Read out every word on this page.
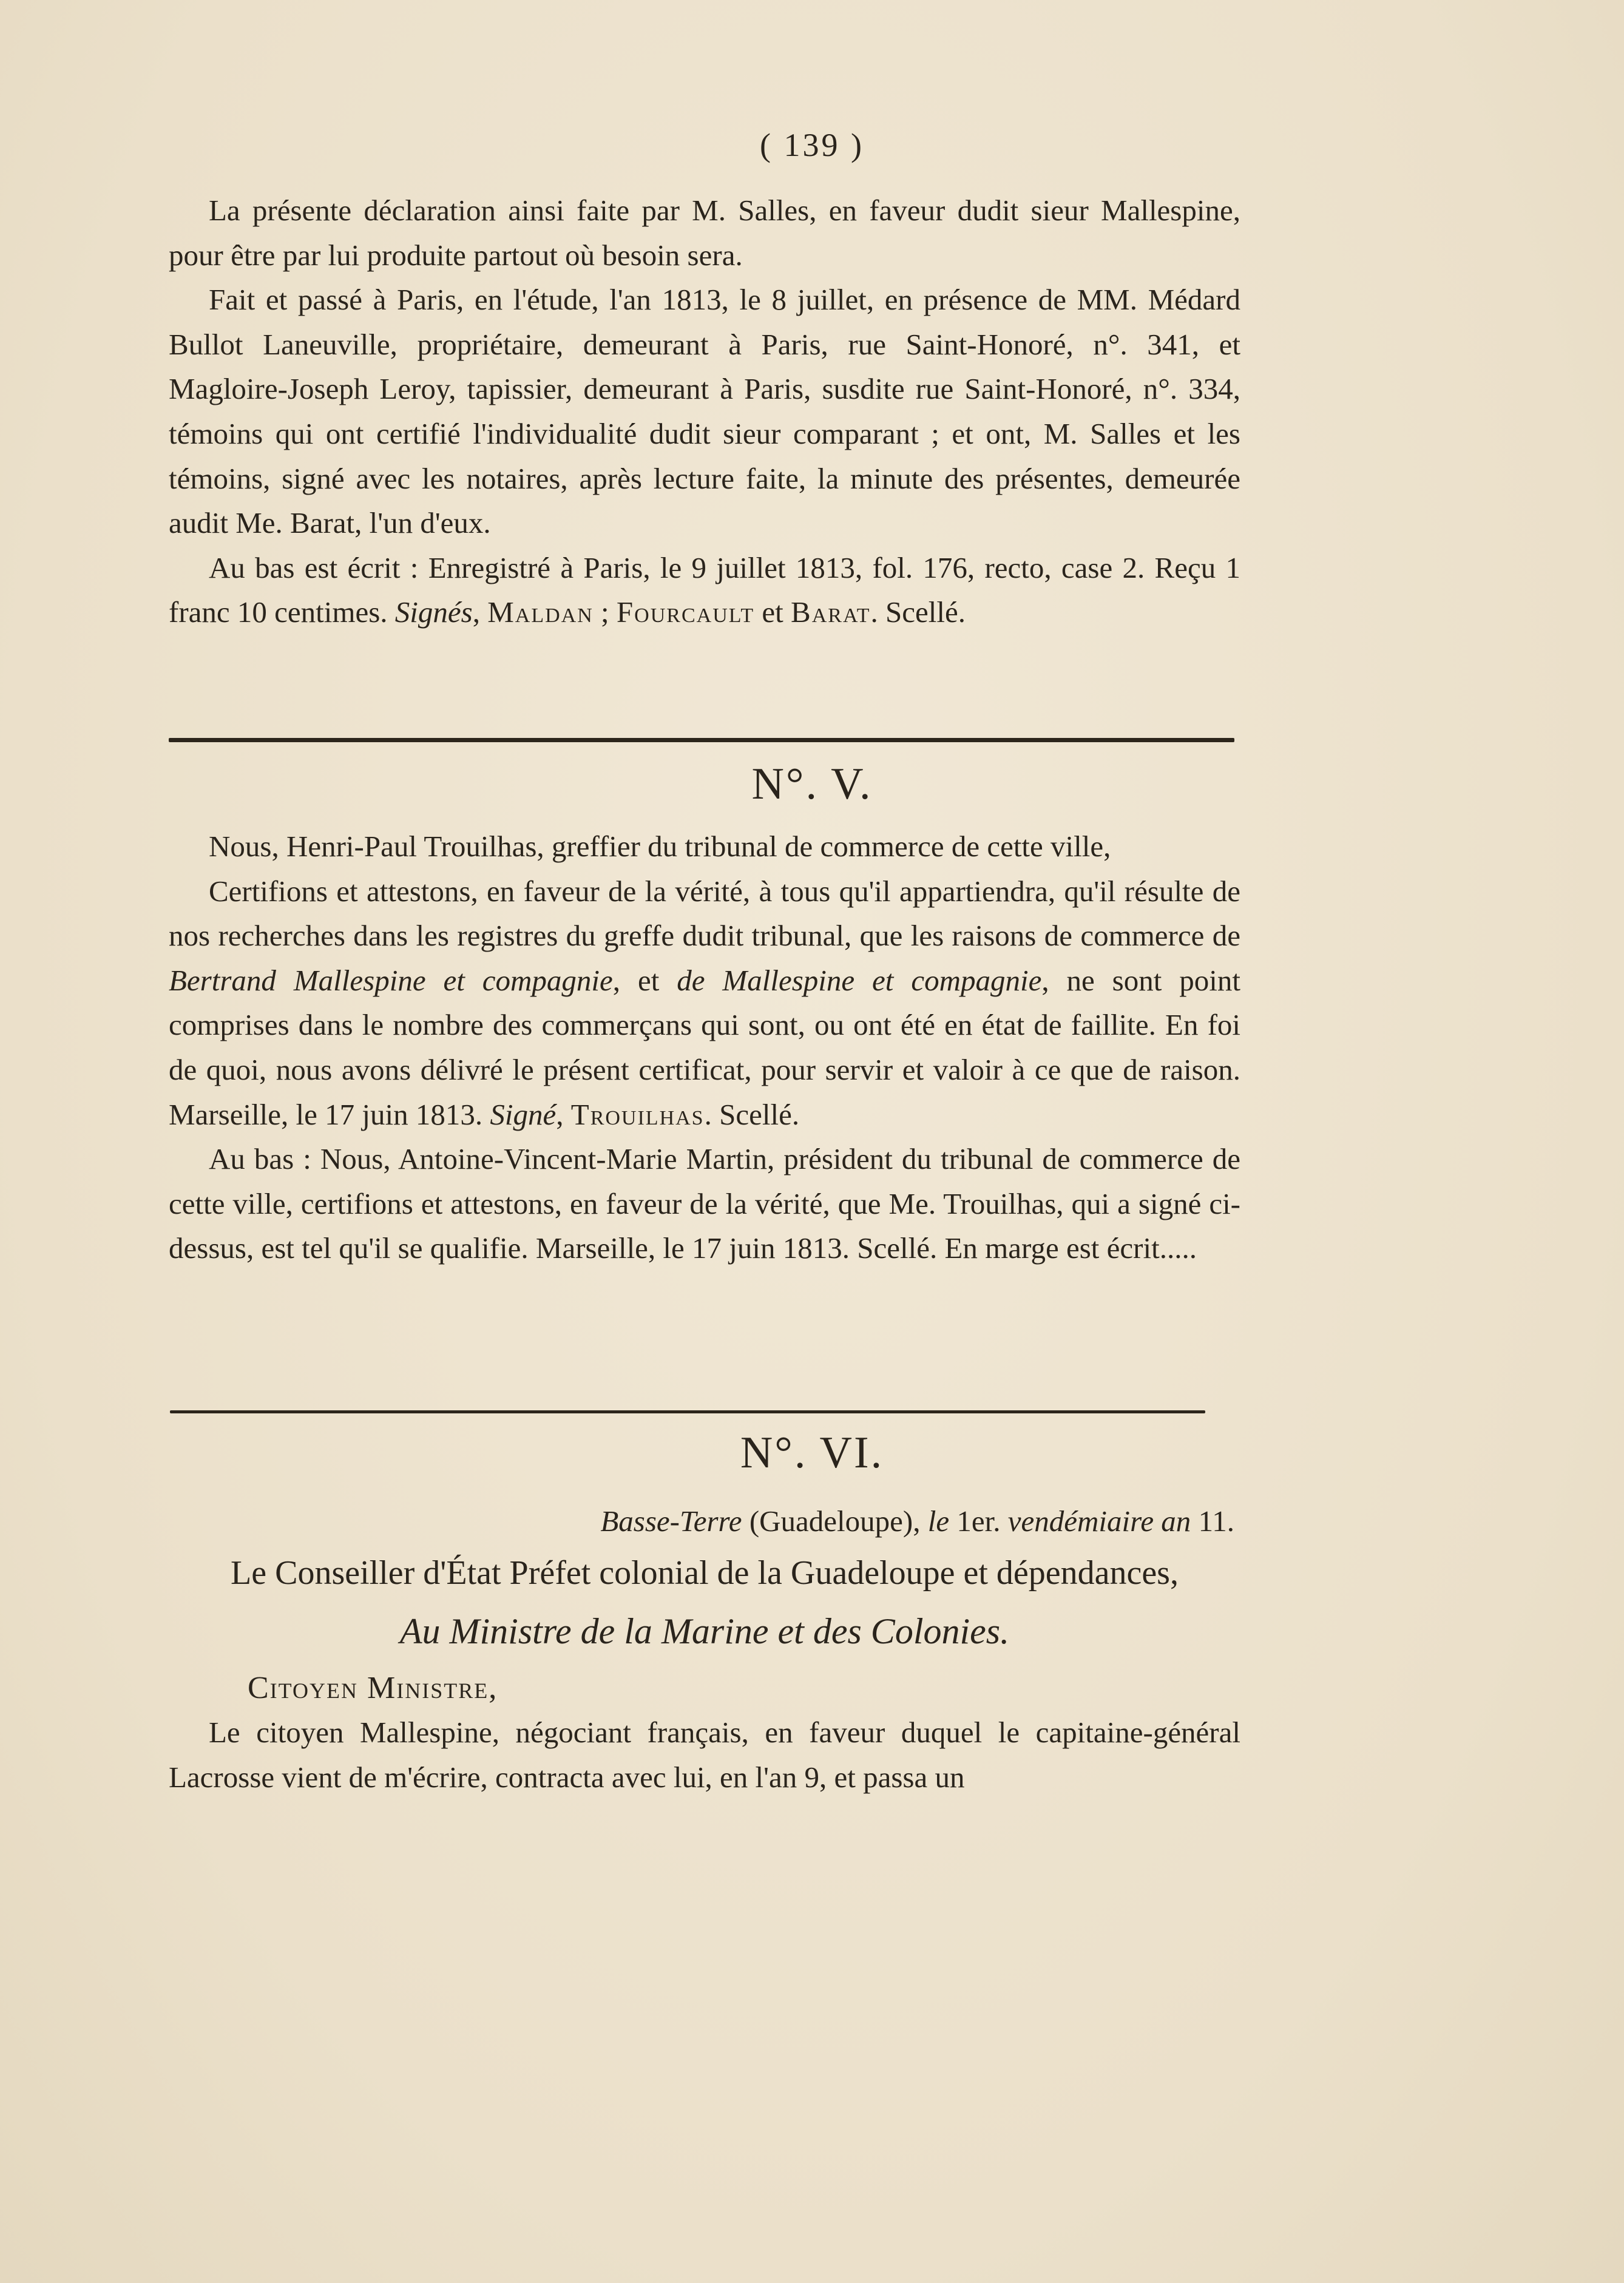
( 139 )

La présente déclaration ainsi faite par M. Salles, en faveur dudit sieur Mallespine, pour être par lui produite partout où besoin sera.

Fait et passé à Paris, en l'étude, l'an 1813, le 8 juillet, en présence de MM. Médard Bullot Laneuville, propriétaire, demeurant à Paris, rue Saint-Honoré, n°. 341, et Magloire-Joseph Leroy, tapissier, demeurant à Paris, susdite rue Saint-Honoré, n°. 334, témoins qui ont certifié l'individualité dudit sieur comparant ; et ont, M. Salles et les témoins, signé avec les notaires, après lecture faite, la minute des présentes, demeurée audit Me. Barat, l'un d'eux.

Au bas est écrit : Enregistré à Paris, le 9 juillet 1813, fol. 176, recto, case 2. Reçu 1 franc 10 centimes. Signés, Maldan ; Fourcault et Barat. Scellé.

N°. V.

Nous, Henri-Paul Trouilhas, greffier du tribunal de commerce de cette ville,

Certifions et attestons, en faveur de la vérité, à tous qu'il appartiendra, qu'il résulte de nos recherches dans les registres du greffe dudit tribunal, que les raisons de commerce de Bertrand Mallespine et compagnie, et de Mallespine et compagnie, ne sont point comprises dans le nombre des commerçans qui sont, ou ont été en état de faillite. En foi de quoi, nous avons délivré le présent certificat, pour servir et valoir à ce que de raison. Marseille, le 17 juin 1813. Signé, Trouilhas. Scellé.

Au bas : Nous, Antoine-Vincent-Marie Martin, président du tribunal de commerce de cette ville, certifions et attestons, en faveur de la vérité, que Me. Trouilhas, qui a signé ci-dessus, est tel qu'il se qualifie. Marseille, le 17 juin 1813. Scellé. En marge est écrit.....

N°. VI.

Basse-Terre (Guadeloupe), le 1er. vendémiaire an 11.

Le Conseiller d'État Préfet colonial de la Guadeloupe et dépendances,

Au Ministre de la Marine et des Colonies.

Citoyen Ministre,

Le citoyen Mallespine, négociant français, en faveur duquel le capitaine-général Lacrosse vient de m'écrire, contracta avec lui, en l'an 9, et passa un
